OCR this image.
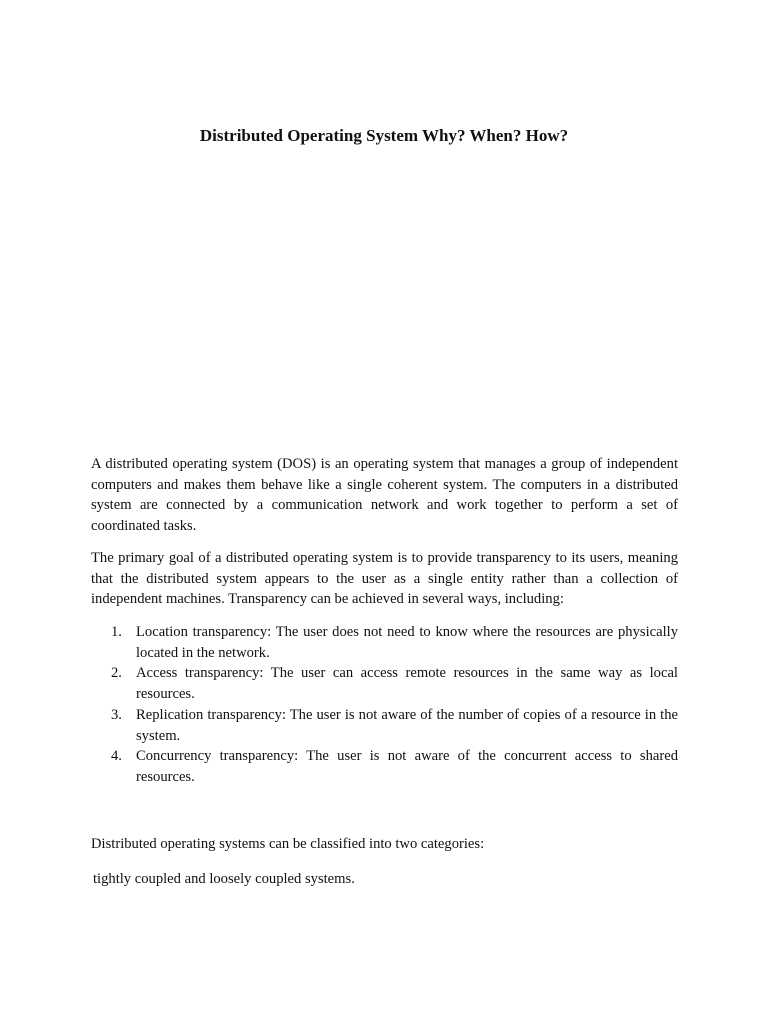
Distributed Operating System Why? When? How?

A distributed operating system (DOS) is an operating system that manages a group of independent computers and makes them behave like a single coherent system. The computers in a distributed system are connected by a communication network and work together to perform a set of coordinated tasks.

The primary goal of a distributed operating system is to provide transparency to its users, meaning that the distributed system appears to the user as a single entity rather than a collection of independent machines. Transparency can be achieved in several ways, including:

1. Location transparency: The user does not need to know where the resources are physically located in the network.
2. Access transparency: The user can access remote resources in the same way as local resources.
3. Replication transparency: The user is not aware of the number of copies of a resource in the system.
4. Concurrency transparency: The user is not aware of the concurrent access to shared resources.

Distributed operating systems can be classified into two categories:

tightly coupled and loosely coupled systems.
